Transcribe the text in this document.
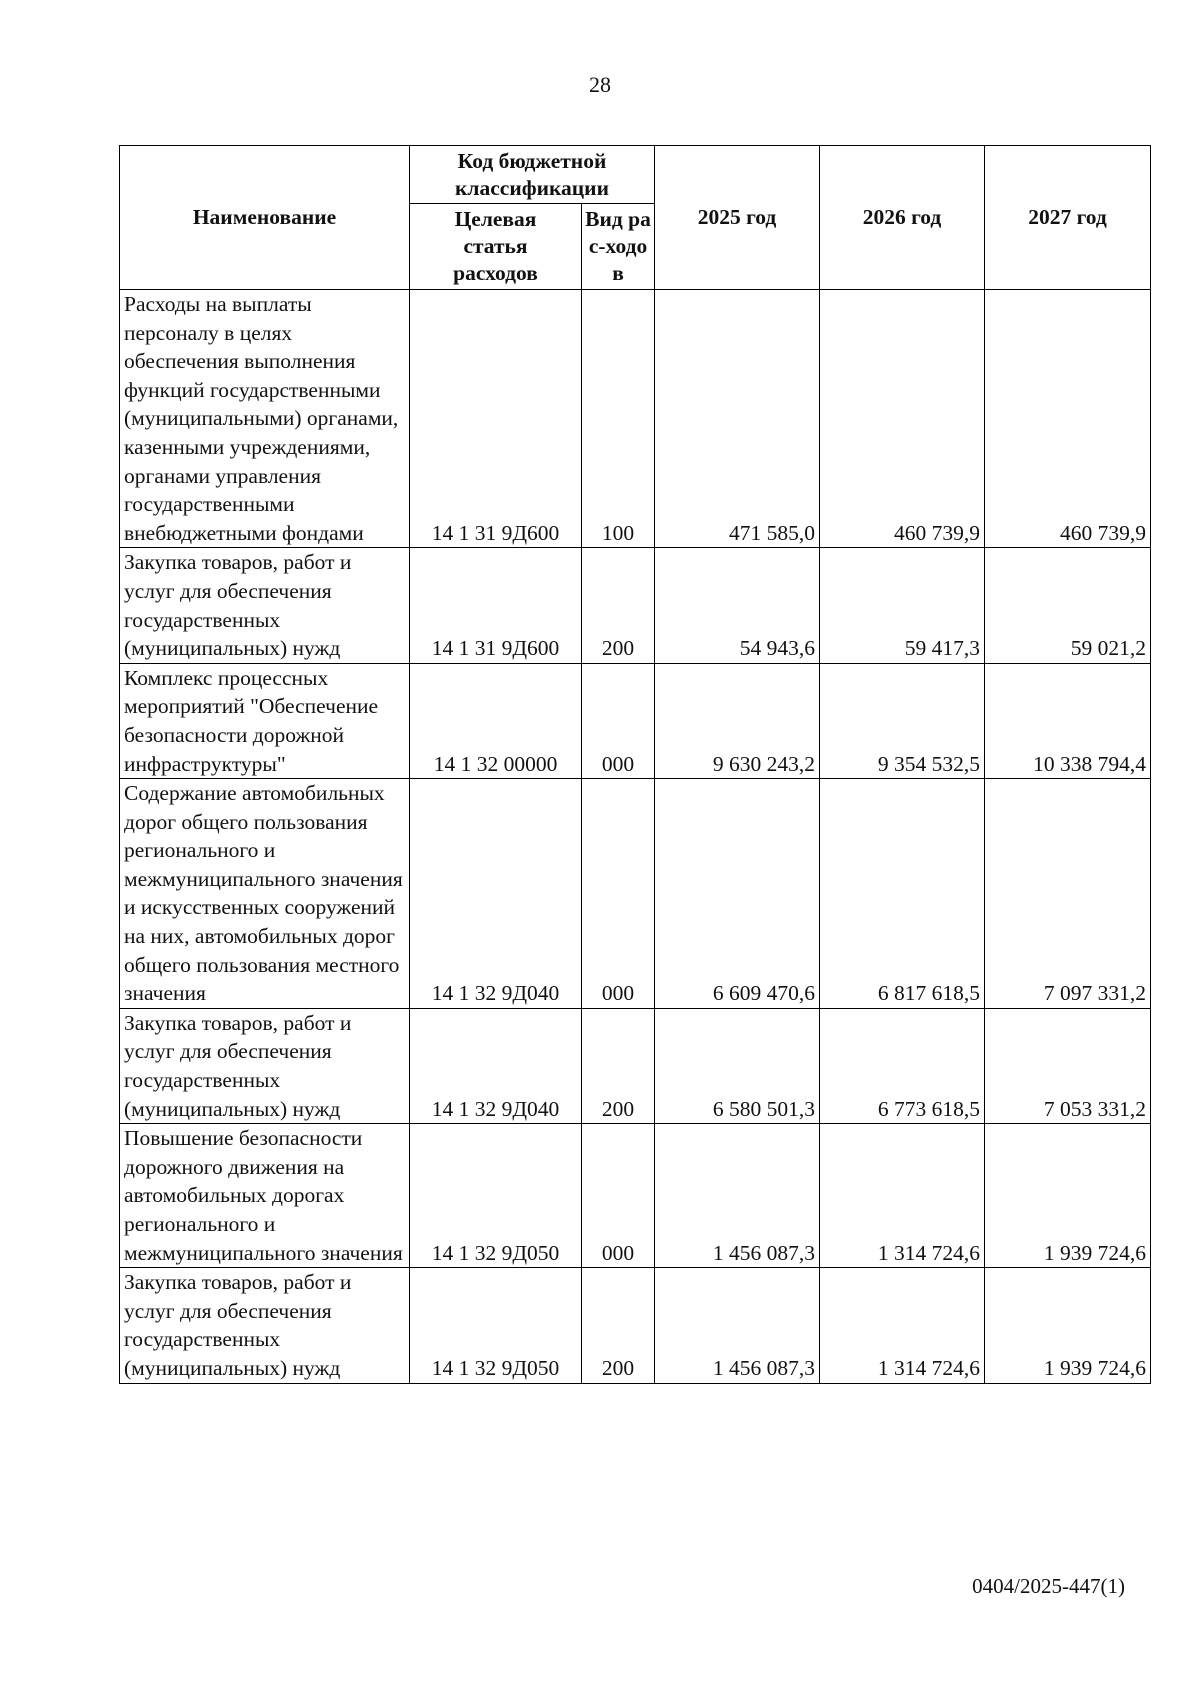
28
Наименование	Код бюджетной классификации		2025 год	2026 год	2027 год
	Целевая статья расходов	Вид рас-ходов			
Расходы на выплаты персоналу в целях обеспечения выполнения функций государственными (муниципальными) органами, казенными учреждениями, органами управления государственными внебюджетными фондами	14 1 31 9Д600	100	471 585,0	460 739,9	460 739,9
Закупка товаров, работ и услуг для обеспечения государственных (муниципальных) нужд	14 1 31 9Д600	200	54 943,6	59 417,3	59 021,2
Комплекс процессных мероприятий "Обеспечение безопасности дорожной инфраструктуры"	14 1 32 00000	000	9 630 243,2	9 354 532,5	10 338 794,4
Содержание автомобильных дорог общего пользования регионального и межмуниципального значения и искусственных сооружений на них, автомобильных дорог общего пользования местного значения	14 1 32 9Д040	000	6 609 470,6	6 817 618,5	7 097 331,2
Закупка товаров, работ и услуг для обеспечения государственных (муниципальных) нужд	14 1 32 9Д040	200	6 580 501,3	6 773 618,5	7 053 331,2
Повышение безопасности дорожного движения на автомобильных дорогах регионального и межмуниципального значения	14 1 32 9Д050	000	1 456 087,3	1 314 724,6	1 939 724,6
Закупка товаров, работ и услуг для обеспечения государственных (муниципальных) нужд	14 1 32 9Д050	200	1 456 087,3	1 314 724,6	1 939 724,6
0404/2025-447(1)
